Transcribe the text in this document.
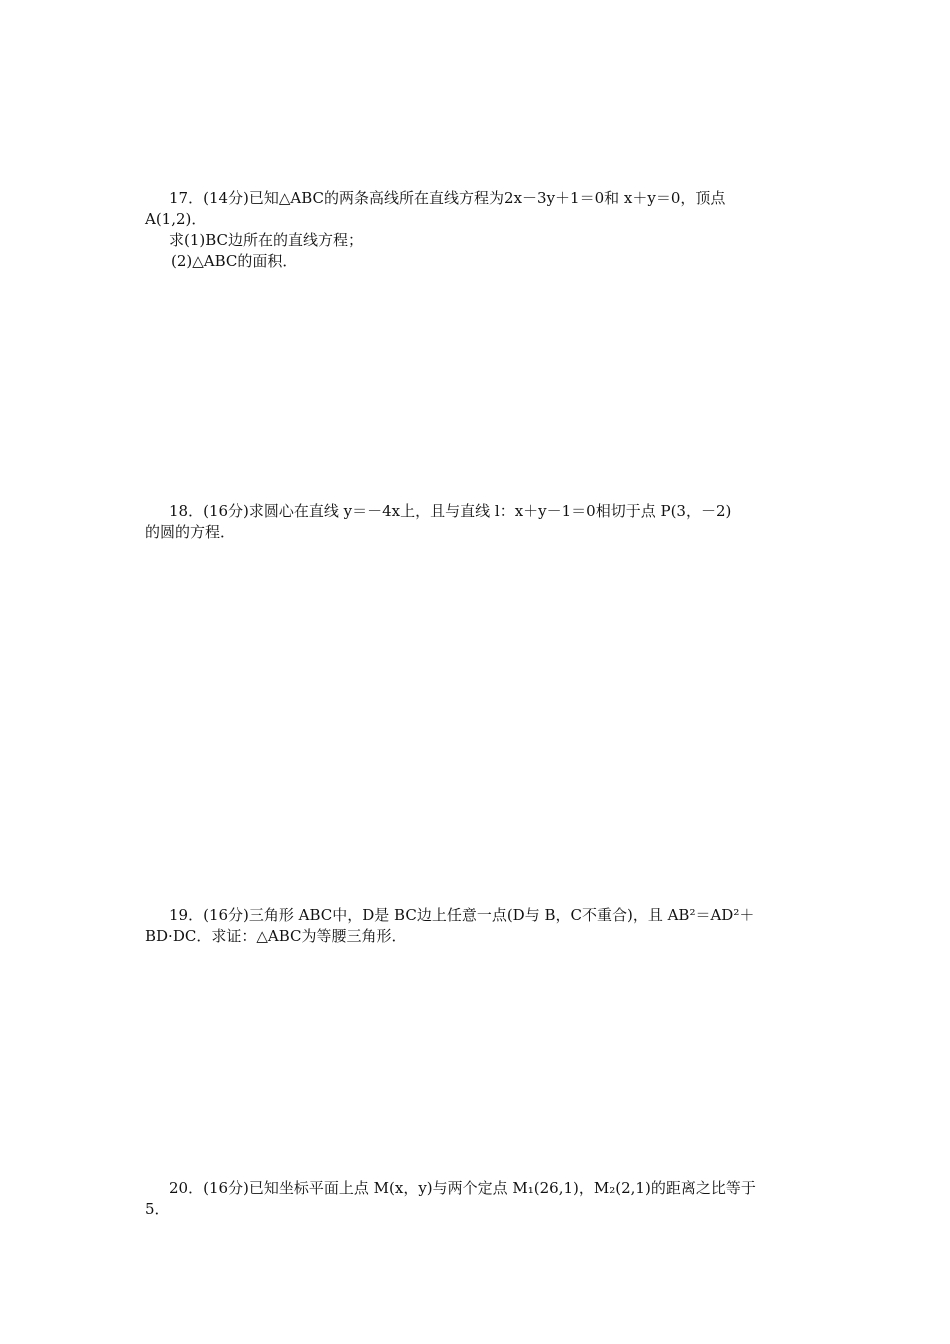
17．(14分)已知△ABC的两条高线所在直线方程为2x－3y＋1＝0和 x＋y＝0，顶点
A(1,2)．
求(1)BC边所在的直线方程；
(2)△ABC的面积．
18．(16分)求圆心在直线 y＝－4x上，且与直线 l：x＋y－1＝0相切于点 P(3，－2)
的圆的方程．
19．(16分)三角形 ABC中，D是 BC边上任意一点(D与 B，C不重合)，且 AB²＝AD²＋
BD·DC．求证：△ABC为等腰三角形．
20．(16分)已知坐标平面上点 M(x，y)与两个定点 M₁(26,1)，M₂(2,1)的距离之比等于
5．
